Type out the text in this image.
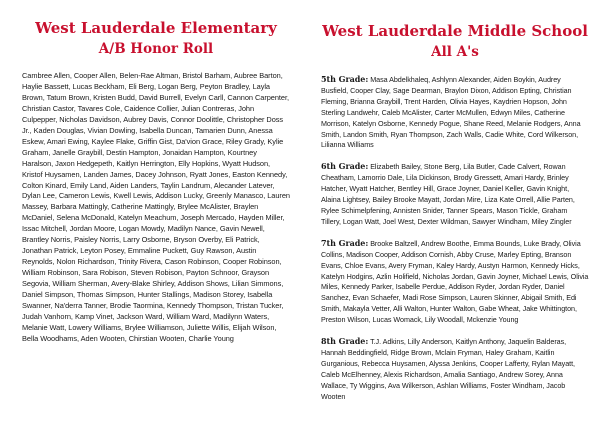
West Lauderdale Elementary
A/B Honor Roll

Cambree Allen, Cooper Allen, Belen-Rae Altman, Bristol Barham, Aubree Barton, Haylie Bassett, Lucas Beckham, Eli Berg, Logan Berg, Peyton Bradley, Layla Brown, Tatum Brown, Kristen Budd, David Burrell, Evelyn Carll, Cannon Carpenter, Christian Castor, Tavares Cole, Caidence Collier, Julian Contreras, John Culpepper, Nicholas Davidson, Aubrey Davis, Connor Doolittle, Christopher Doss Jr., Kaden Douglas, Vivian Dowling, Isabella Duncan, Tamarien Dunn, Anessa Eskew, Amari Ewing, Kaylee Flake, Griffin Gist, Da'vion Grace, Riley Grady, Kylie Graham, Janelle Graybill, Destin Hampton, Jonaidan Hampton, Kourtney Haralson, Jaxon Hedgepeth, Kaitlyn Herrington, Elly Hopkins, Wyatt Hudson, Kristof Huysamen, Landen James, Dacey Johnson, Ryatt Jones, Easton Kennedy, Colton Kinard, Emily Land, Aiden Landers, Taylin Landrum, Alecander Latever, Dylan Lee, Cameron Lewis, Kwell Lewis, Addison Lucky, Greenly Manasco, Lauren Massey, Barbara Mattingly, Catherine Mattingly, Brylee McAlister, Braylen McDaniel, Selena McDonald, Katelyn Meachum, Joseph Mercado, Hayden Miller, Issac Mitchell, Jordan Moore, Logan Mowdy, Madilyn Nance, Gavin Newell, Brantley Norris, Paisley Norris, Larry Osborne, Bryson Overby, Eli Patrick, Jonathan Patrick, Leyton Posey, Emmaline Puckett, Guy Rawson, Austin Reynolds, Nolon Richardson, Trinity Rivera, Cason Robinson, Cooper Robinson, William Robinson, Sara Robison, Steven Robison, Payton Schnoor, Grayson Segovia, William Sherman, Avery-Blake Shirley, Addison Shows, Lilian Simmons, Daniel Simpson, Thomas Simpson, Hunter Stallings, Madison Storey, Isabella Swanner, Na'derra Tanner, Brodie Taormina, Kennedy Thompson, Tristan Tucker, Judah Vanhorn, Kamp Vinet, Jackson Ward, William Ward, Madilynn Waters, Melanie Watt, Lowery Williams, Brylee Williamson, Juliette Willis, Elijah Wilson, Bella Woodhams, Aden Wooten, Chirstian Wooten, Charlie Young

West Lauderdale Middle School
All A's

5th Grade: Masa Abdelkhaleq, Ashlynn Alexander, Aiden Boykin, Audrey Busfield, Cooper Clay, Sage Dearman, Braylon Dixon, Addison Epting, Christian Fleming, Brianna Graybill, Trent Harden, Olivia Hayes, Kaydrien Hopson, John Sterling Landwehr, Caleb McAlister, Carter McMullen, Edwyn Miles, Catherine Morrison, Katelyn Osborne, Kennedy Pogue, Shane Reed, Melanie Rodgers, Anna Smith, Landon Smith, Ryan Thompson, Zach Walls, Cadie White, Cord Wilkerson, Lilianna Williams

6th Grade: Elizabeth Bailey, Stone Berg, Lila Butler, Cade Calvert, Rowan Cheatham, Lamorrio Dale, Lila Dickinson, Brody Gressett, Amari Hardy, Brinley Hatcher, Wyatt Hatcher, Bentley Hill, Grace Joyner, Daniel Keller, Gavin Knight, Alaina Lightsey, Bailey Brooke Mayatt, Jordan Mire, Liza Kate Orrell, Allie Parten, Rylee Schimelpfening, Annisten Snider, Tanner Spears, Mason Tickle, Graham Tillery, Logan Watt, Joel West, Dexter Wildman, Sawyer Windham, Miley Zingler

7th Grade: Brooke Baltzell, Andrew Boothe, Emma Bounds, Luke Brady, Olivia Collins, Madison Cooper, Addison Cornish, Abby Cruse, Marley Epting, Branson Evans, Chloe Evans, Avery Fryman, Kaley Hardy, Austyn Harmon, Kennedy Hicks, Katelyn Hodgins, Azlin Holifield, Nicholas Jordan, Gavin Joyner, Michael Lewis, Olivia Miles, Kennedy Parker, Isabelle Perdue, Addison Ryder, Jordan Ryder, Daniel Sanchez, Evan Schaefer, Madi Rose Simpson, Lauren Skinner, Abigail Smith, Edi Smith, Makayla Vetter, Alli Walton, Hunter Walton, Gabe Wheat, Jake Whittington, Preston Wilson, Lucas Womack, Lily Woodall, Mckenzie Young

8th Grade: T.J. Adkins, Lilly Anderson, Kaitlyn Anthony, Jaquelin Balderas, Hannah Beddingfield, Ridge Brown, Mclain Fryman, Haley Graham, Kaitlin Gurganious, Rebecca Huysamen, Alyssa Jenkins, Cooper Lafferty, Rylan Mayatt, Caleb McElhenney, Alexis Richardson, Amalia Santiago, Andrew Sorey, Anna Wallace, Ty Wiggins, Ava Wilkerson, Ashlan Williams, Foster Windham, Jacob Wooten
